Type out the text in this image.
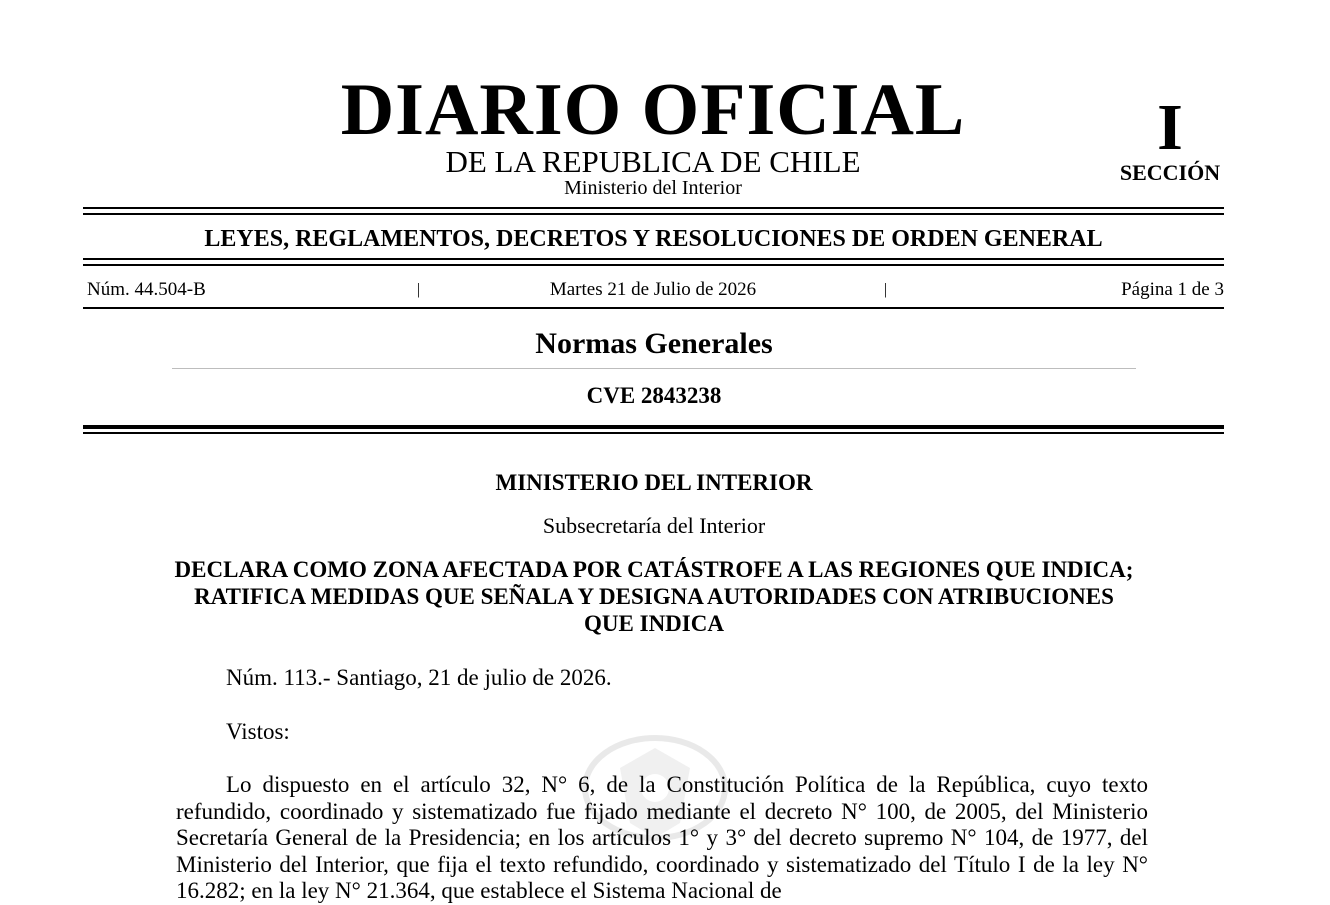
DIARIO OFICIAL
DE LA REPUBLICA DE CHILE
Ministerio del Interior
I
SECCIÓN
LEYES, REGLAMENTOS, DECRETOS Y RESOLUCIONES DE ORDEN GENERAL
Núm. 44.504-B	|	Martes 21 de Julio de 2026	|	Página 1 de 3
Normas Generales
CVE 2843238
MINISTERIO DEL INTERIOR
Subsecretaría del Interior
DECLARA COMO ZONA AFECTADA POR CATÁSTROFE A LAS REGIONES QUE INDICA; RATIFICA MEDIDAS QUE SEÑALA Y DESIGNA AUTORIDADES CON ATRIBUCIONES QUE INDICA
Núm. 113.- Santiago, 21 de julio de 2026.
Vistos:
Lo dispuesto en el artículo 32, N° 6, de la Constitución Política de la República, cuyo texto refundido, coordinado y sistematizado fue fijado mediante el decreto N° 100, de 2005, del Ministerio Secretaría General de la Presidencia; en los artículos 1° y 3° del decreto supremo N° 104, de 1977, del Ministerio del Interior, que fija el texto refundido, coordinado y sistematizado del Título I de la ley N° 16.282; en la ley N° 21.364, que establece el Sistema Nacional de
